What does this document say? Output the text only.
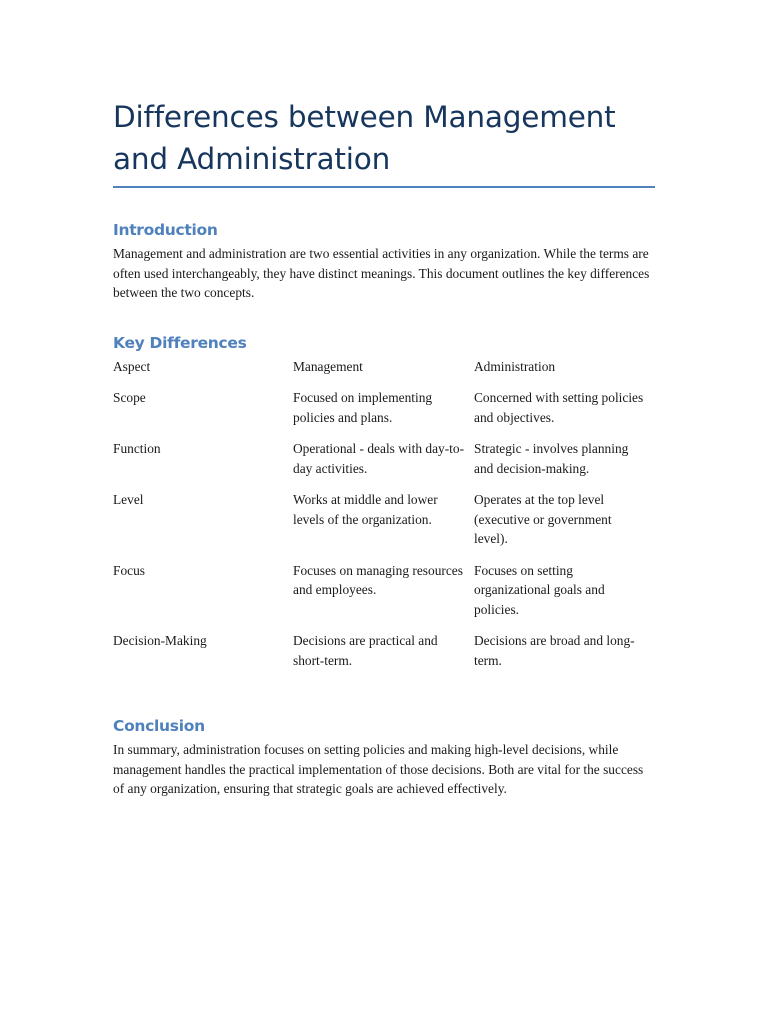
Differences between Management and Administration
Introduction

Management and administration are two essential activities in any organization. While the terms are often used interchangeably, they have distinct meanings. This document outlines the key differences between the two concepts.

Key Differences
Aspect	Management	Administration
Scope	Focused on implementing policies and plans.	Concerned with setting policies and objectives.
Function	Operational - deals with day-to-day activities.	Strategic - involves planning and decision-making.
Level	Works at middle and lower levels of the organization.	Operates at the top level (executive or government level).
Focus	Focuses on managing resources and employees.	Focuses on setting organizational goals and policies.
Decision-Making	Decisions are practical and short-term.	Decisions are broad and long-term.
Conclusion

In summary, administration focuses on setting policies and making high-level decisions, while management handles the practical implementation of those decisions. Both are vital for the success of any organization, ensuring that strategic goals are achieved effectively.
